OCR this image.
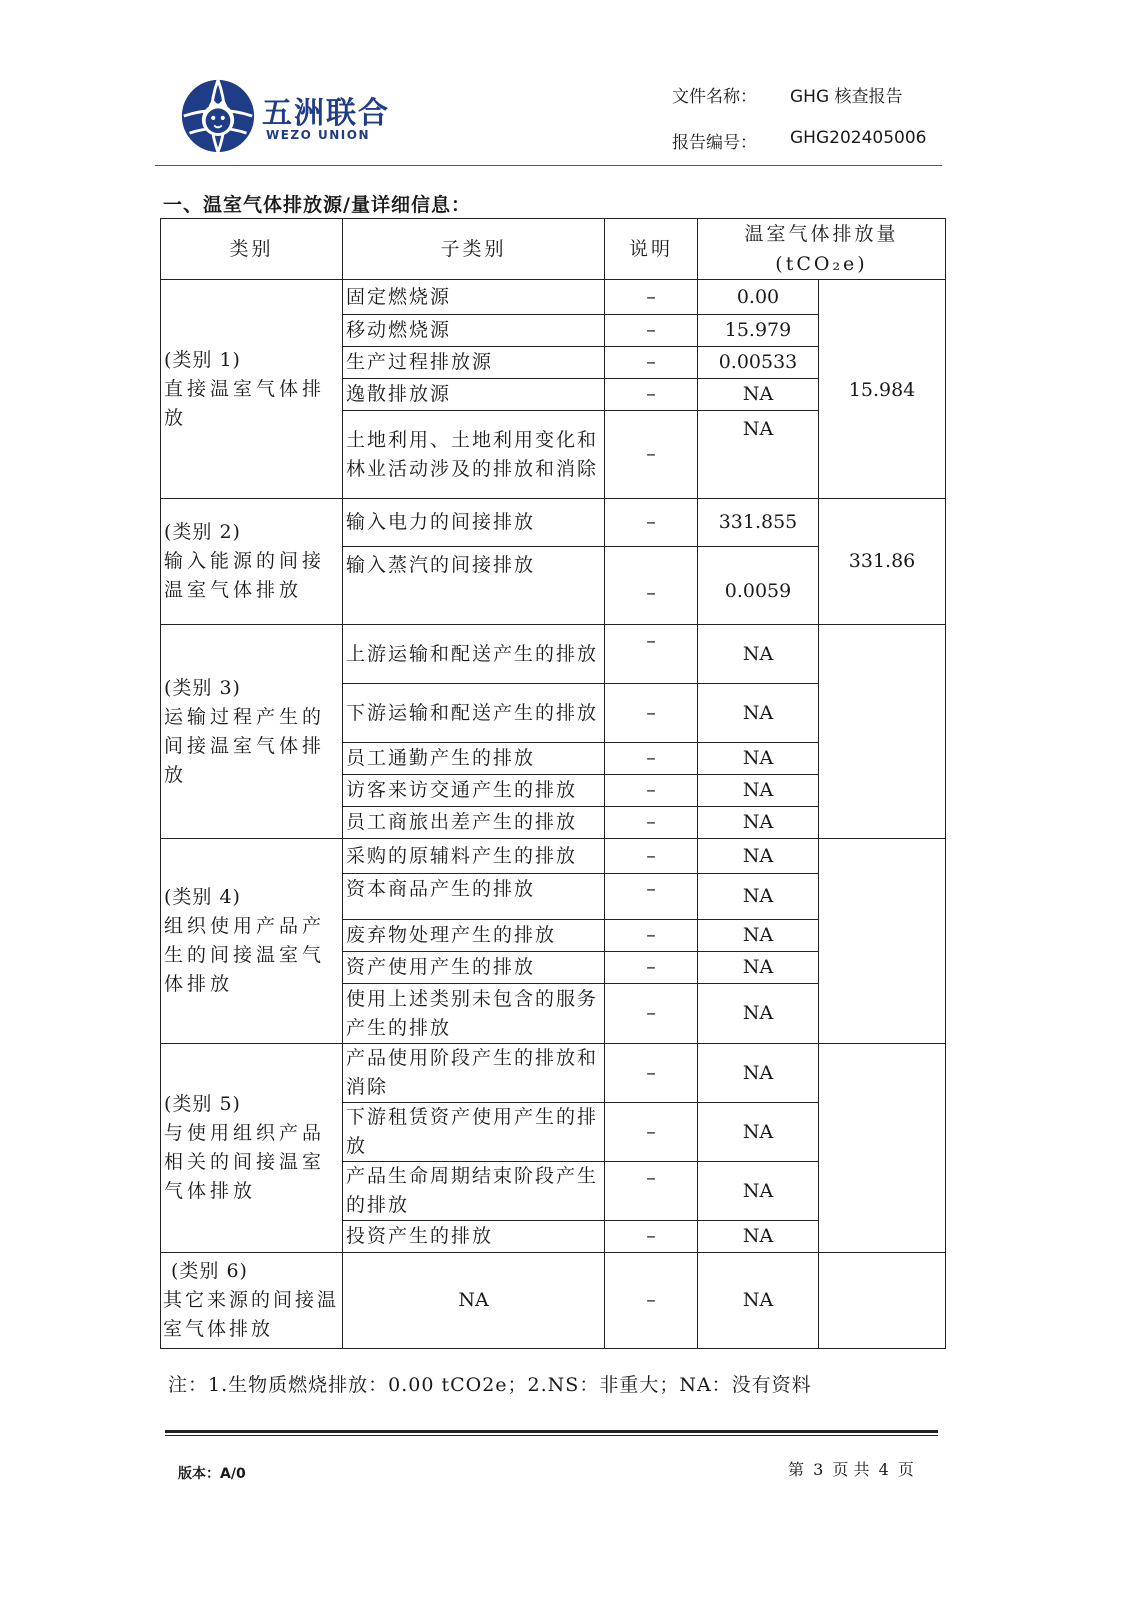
五洲联合
WEZO UNION
文件名称： GHG 核查报告
报告编号： GHG202405006
一、温室气体排放源/量详细信息：
类别	子类别	说明	温室气体排放量
(tCO₂e)	

(类别 1)
直接温室气体排放	固定燃烧源	–	0.00	15.984
	移动燃烧源	–	15.979	
	生产过程排放源	–	0.00533	
	逸散排放源	–	NA	
	土地利用、土地利用变化和林业活动涉及的排放和消除	–	NA	

(类别 2)
输入能源的间接温室气体排放	输入电力的间接排放	–	331.855	331.86
	输入蒸汽的间接排放	–	0.0059	

(类别 3)
运输过程产生的间接温室气体排放	上游运输和配送产生的排放	–	NA	
	下游运输和配送产生的排放	–	NA	
	员工通勤产生的排放	–	NA	
	访客来访交通产生的排放	–	NA	
	员工商旅出差产生的排放	–	NA	

(类别 4)
组织使用产品产生的间接温室气体排放	采购的原辅料产生的排放	–	NA	
	资本商品产生的排放	–	NA	
	废弃物处理产生的排放	–	NA	
	资产使用产生的排放	–	NA	
	使用上述类别未包含的服务产生的排放	–	NA	

(类别 5)
与使用组织产品相关的间接温室气体排放	产品使用阶段产生的排放和消除	–	NA	
	下游租赁资产使用产生的排放	–	NA	
	产品生命周期结束阶段产生的排放	–	NA	
	投资产生的排放	–	NA	

(类别 6)
其它来源的间接温室气体排放	NA	–	NA	
注：1.生物质燃烧排放：0.00 tCO2e；2.NS：非重大；NA：没有资料
版本：A/0	第 3 页 共 4 页
